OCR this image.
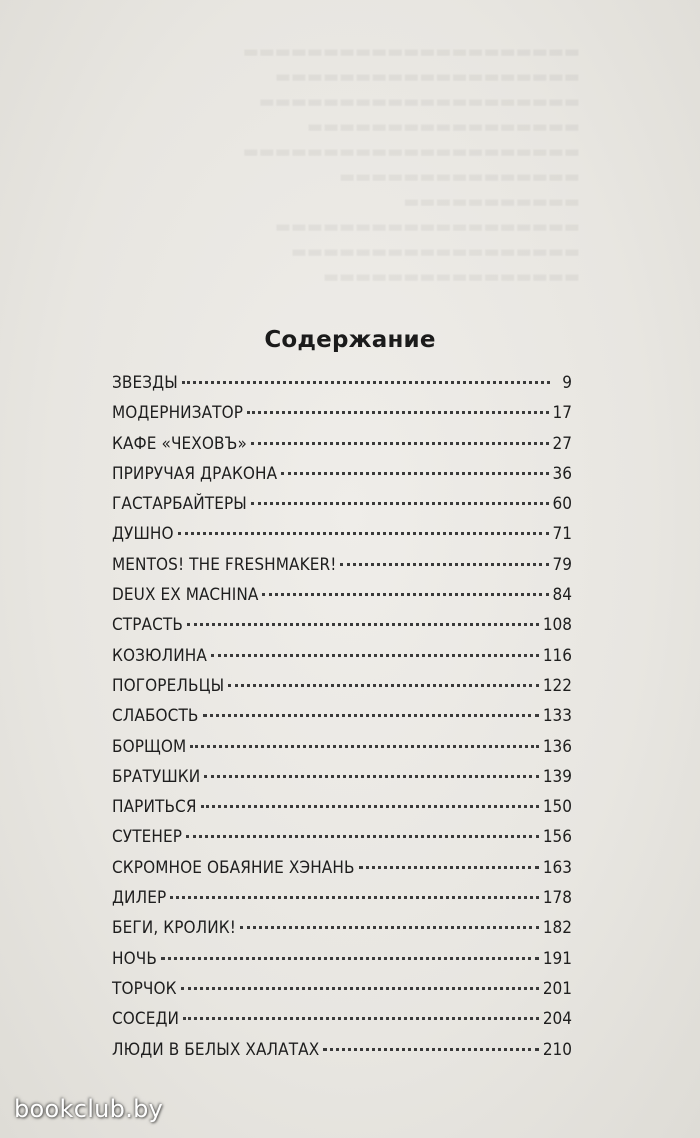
▬▬▬▬▬▬▬▬▬▬▬▬▬▬▬▬▬▬▬▬▬
▬▬▬▬▬▬▬▬▬▬▬▬▬▬▬▬▬▬▬
▬▬▬▬▬▬▬▬▬▬▬▬▬▬▬▬▬▬▬▬
▬▬▬▬▬▬▬▬▬▬▬▬▬▬▬▬▬
▬▬▬▬▬▬▬▬▬▬▬▬▬▬▬▬▬▬▬▬▬
▬▬▬▬▬▬▬▬▬▬▬▬▬▬▬
▬▬▬▬▬▬▬▬▬▬▬
▬▬▬▬▬▬▬▬▬▬▬▬▬▬▬▬▬▬▬
▬▬▬▬▬▬▬▬▬▬▬▬▬▬▬▬▬▬
▬▬▬▬▬▬▬▬▬▬▬▬▬▬▬▬
Содержание
ЗВЕЗДЫ	9
МОДЕРНИЗАТОР	17
КАФЕ «ЧЕХОВЪ»	27
ПРИРУЧАЯ ДРАКОНА	36
ГАСТАРБАЙТЕРЫ	60
ДУШНО	71
MENTOS! THE FRESHMAKER!	79
DEUX EX MACHINA	84
СТРАСТЬ	108
КОЗЮЛИНА	116
ПОГОРЕЛЬЦЫ	122
СЛАБОСТЬ	133
БОРЩОМ	136
БРАТУШКИ	139
ПАРИТЬСЯ	150
СУТЕНЕР	156
СКРОМНОЕ ОБАЯНИЕ ХЭНАНЬ	163
ДИЛЕР	178
БЕГИ, КРОЛИК!	182
НОЧЬ	191
ТОРЧОК	201
СОСЕДИ	204
ЛЮДИ В БЕЛЫХ ХАЛАТАХ	210
bookclub.by
